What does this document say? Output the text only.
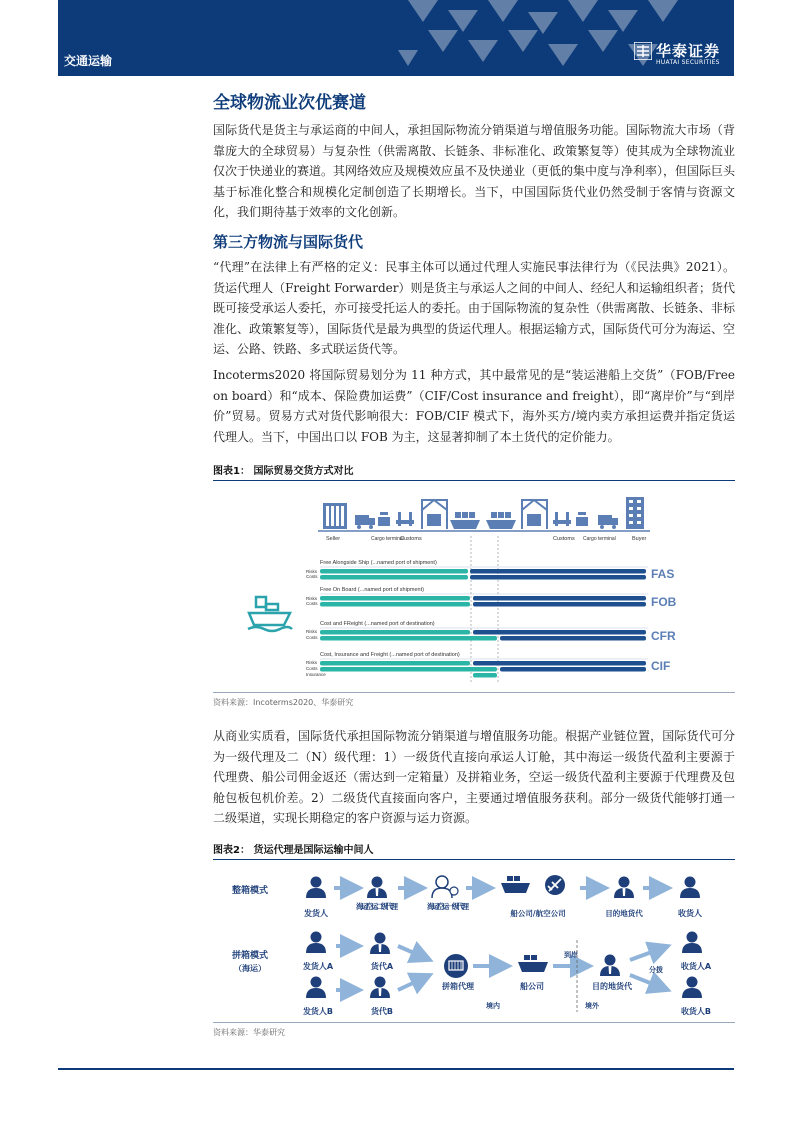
交通运输
华泰证券
HUATAI SECURITIES
全球物流业次优赛道

国际货代是货主与承运商的中间人，承担国际物流分销渠道与增值服务功能。国际物流大市场（背靠庞大的全球贸易）与复杂性（供需离散、长链条、非标准化、政策繁复等）使其成为全球物流业仅次于快递业的赛道。其网络效应及规模效应虽不及快递业（更低的集中度与净利率），但国际巨头基于标准化整合和规模化定制创造了长期增长。当下，中国国际货代业仍然受制于客情与资源文化，我们期待基于效率的文化创新。

第三方物流与国际货代

“代理”在法律上有严格的定义：民事主体可以通过代理人实施民事法律行为（《民法典》2021）。货运代理人（Freight Forwarder）则是货主与承运人之间的中间人、经纪人和运输组织者；货代既可接受承运人委托，亦可接受托运人的委托。由于国际物流的复杂性（供需离散、长链条、非标准化、政策繁复等），国际货代是最为典型的货运代理人。根据运输方式，国际货代可分为海运、空运、公路、铁路、多式联运货代等。

Incoterms2020 将国际贸易划分为 11 种方式，其中最常见的是“装运港船上交货”（FOB/Free on board）和“成本、保险费加运费”（CIF/Cost insurance and freight），即“离岸价”与“到岸价”贸易。贸易方式对货代影响很大：FOB/CIF 模式下，海外买方/境内卖方承担运费并指定货运代理人。当下，中国出口以 FOB 为主，这显著抑制了本土货代的定价能力。

图表1： 国际贸易交货方式对比
Seller	Cargo terminal
Customs	Customs Cargo terminal	Buyer
Free Alongside Ship (...named port of shipment)
Risks
Costs	FAS
Free On Board (...named port of shipment)
Risks
Costs	FOB
Cost and FReight (...named port of destination)
Risks
Costs	CFR
Cost, Insurance and Freight (...named port of destination)
Risks
Costs
Insurance
CIF
资料来源：Incoterms2020、华泰研究

从商业实质看，国际货代承担国际物流分销渠道与增值服务功能。根据产业链位置，国际货代可分为一级代理及二（N）级代理：1）一级货代直接向承运人订舱，其中海运一级货代盈利主要源于代理费、船公司佣金返还（需达到一定箱量）及拼箱业务，空运一级货代盈利主要源于代理费及包舱包板包机价差。2）二级货代直接面向客户，主要通过增值服务获利。部分一级货代能够打通一二级渠道，实现长期稳定的客户资源与运力资源。

图表2： 货运代理是国际运输中间人
整箱模式
拼箱模式
（海运）
发货人
海运/空运二级代理	海运/空运一级代理
船公司/航空公司	目的地货代	收货人
发货人A
发货人B
货代A
货代B
拼箱代理
境内
船公司
到岸
境外
目的地货代
分拨 收货人A
收货人B
资料来源：华泰研究
